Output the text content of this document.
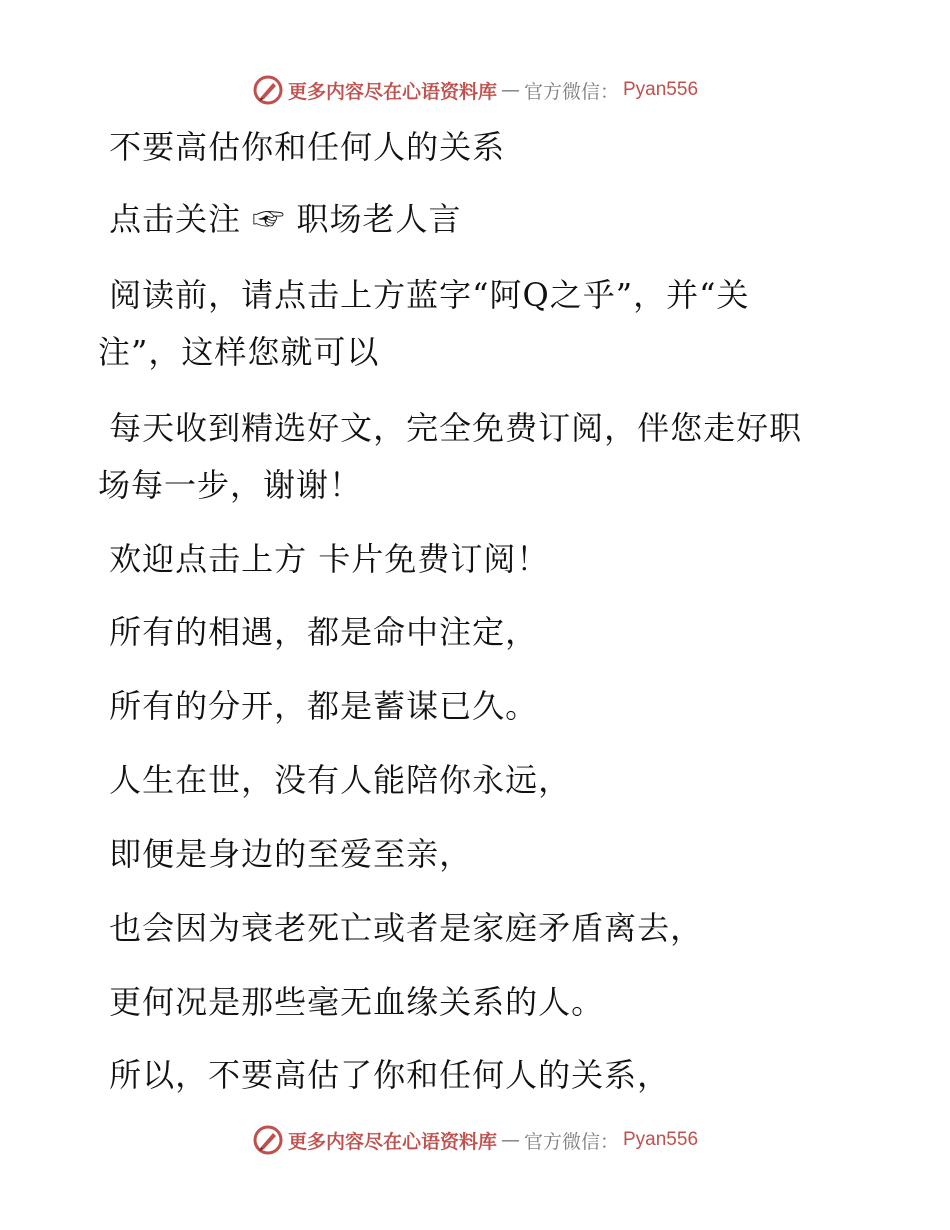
更多内容尽在心语资料库 — 官方微信： Pyan556
不要高估你和任何人的关系
点击关注 ☞ 职场老人言
阅读前，请点击上方蓝字“阿Q之乎”，并“关
注”，这样您就可以
每天收到精选好文，完全免费订阅，伴您走好职
场每一步，谢谢！
欢迎点击上方 卡片免费订阅！
所有的相遇，都是命中注定，
所有的分开，都是蓄谋已久。
人生在世，没有人能陪你永远，
即便是身边的至爱至亲，
也会因为衰老死亡或者是家庭矛盾离去，
更何况是那些毫无血缘关系的人。
所以，不要高估了你和任何人的关系，
更多内容尽在心语资料库 — 官方微信： Pyan556
